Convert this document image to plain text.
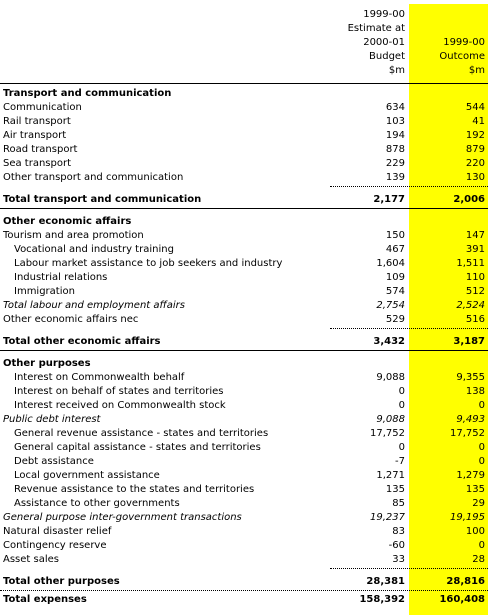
1999-00
Estimate at
2000-01
Budget
$m
1999-00
Outcome
$m
Transport and communication
Communication	634	544
Rail transport	103	41
Air transport	194	192
Road transport	878	879
Sea transport	229	220
Other transport and communication	139	130
Total transport and communication	2,177	2,006
Other economic affairs
Tourism and area promotion	150	147
Vocational and industry training	467	391
Labour market assistance to job seekers and industry	1,604	1,511
Industrial relations	109	110
Immigration	574	512
Total labour and employment affairs	2,754	2,524
Other economic affairs nec	529	516
Total other economic affairs	3,432	3,187
Other purposes
Interest on Commonwealth behalf	9,088	9,355
Interest on behalf of states and territories	0	138
Interest received on Commonwealth stock	0	0
Public debt interest	9,088	9,493
General revenue assistance - states and territories	17,752	17,752
General capital assistance - states and territories	0	0
Debt assistance	-7	0
Local government assistance	1,271	1,279
Revenue assistance to the states and territories	135	135
Assistance to other governments	85	29
General purpose inter-government transactions	19,237	19,195
Natural disaster relief	83	100
Contingency reserve	-60	0
Asset sales	33	28
Total other purposes	28,381	28,816
Total expenses	158,392	160,408
